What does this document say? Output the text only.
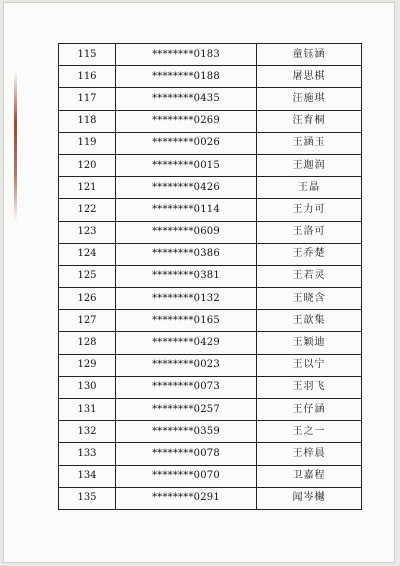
115	********0183	童钰涵
116	********0188	屠思棋
117	********0435	汪施琪
118	********0269	汪育桐
119	********0026	王涵玉
120	********0015	王迦润
121	********0426	王晶
122	********0114	王力可
123	********0609	王洛可
124	********0386	王乔楚
125	********0381	王若灵
126	********0132	王晓含
127	********0165	王歆集
128	********0429	王颖迪
129	********0023	王以宁
130	********0073	王羽飞
131	********0257	王仔涵
132	********0359	王之一
133	********0078	王梓晨
134	********0070	卫嘉程
135	********0291	闻岑樾
